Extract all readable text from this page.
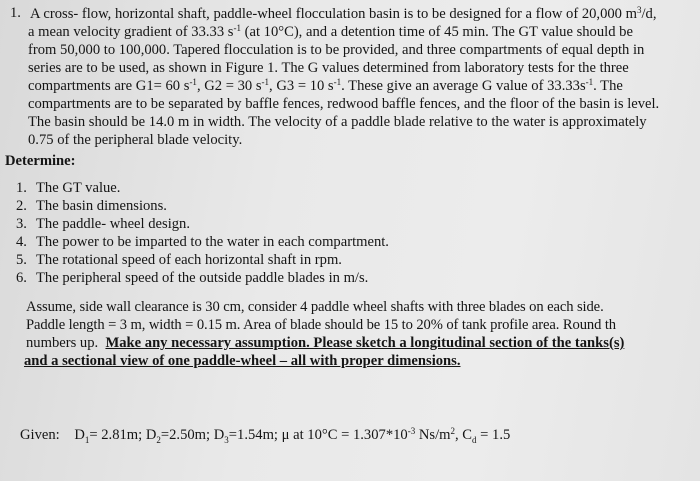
1. A cross- flow, horizontal shaft, paddle-wheel flocculation basin is to be designed for a flow of 20,000 $m^3/d$,
a mean velocity gradient of 33.33 $s^{-1}$ (at 10°C), and a detention time of 45 min. The GT value should be
from 50,000 to 100,000. Tapered flocculation is to be provided, and three compartments of equal depth in
series are to be used, as shown in Figure 1. The G values determined from laboratory tests for the three
compartments are G1= 60 $s^{-1}$, G2 = 30 $s^{-1}$, G3 = 10 $s^{-1}$. These give an average G value of $33.33s^{-1}$. The
compartments are to be separated by baffle fences, redwood baffle fences, and the floor of the basin is level.
The basin should be 14.0 m in width. The velocity of a paddle blade relative to the water is approximately
0.75 of the peripheral blade velocity.
Determine:
1. The GT value.
2. The basin dimensions.
3. The paddle- wheel design.
4. The power to be imparted to the water in each compartment.
5. The rotational speed of each horizontal shaft in rpm.
6. The peripheral speed of the outside paddle blades in m/s.
Assume, side wall clearance is 30 cm, consider 4 paddle wheel shafts with three blades on each side.
Paddle length = 3 m, width = 0.15 m. Area of blade should be 15 to 20% of tank profile area. Round th
numbers up. Make any necessary assumption. Please sketch a longitudinal section of the tanks(s)
and a sectional view of one paddle-wheel – all with proper dimensions.
Given: $D_1= 2.81m$; $D_2=2.50m$; $D_3=1.54m$; μ at $10^\circ C = 1.307*10^{-3}$ $Ns/m^2$, $C_d = 1.5$
